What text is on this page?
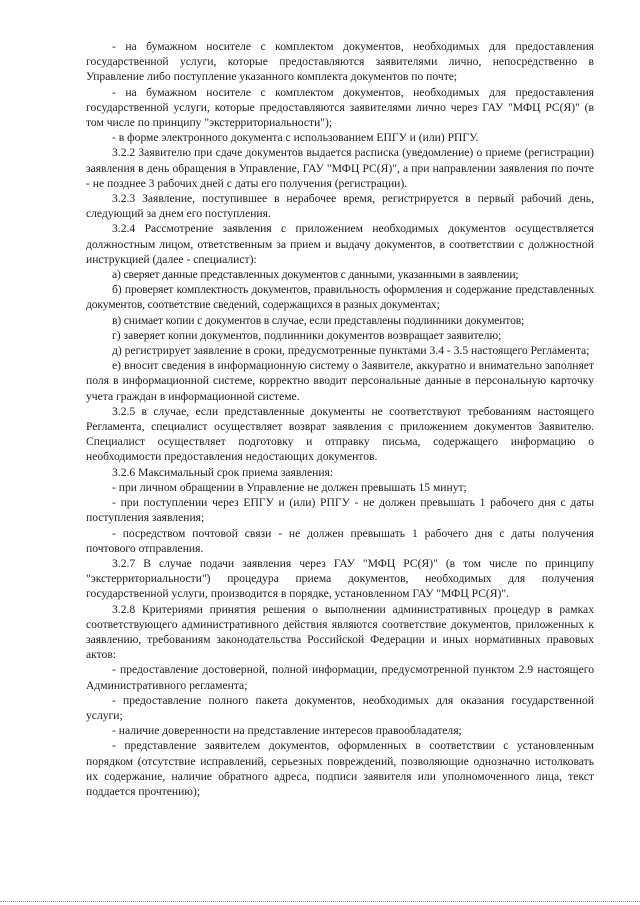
- на бумажном носителе с комплектом документов, необходимых для предоставления государственной услуги, которые предоставляются заявителями лично, непосредственно в Управление либо поступление указанного комплекта документов по почте;

- на бумажном носителе с комплектом документов, необходимых для предоставления государственной услуги, которые предоставляются заявителями лично через ГАУ "МФЦ РС(Я)" (в том числе по принципу "экстерриториальности");

- в форме электронного документа с использованием ЕПГУ и (или) РПГУ.

3.2.2 Заявителю при сдаче документов выдается расписка (уведомление) о приеме (регистрации) заявления в день обращения в Управление, ГАУ "МФЦ РС(Я)", а при направлении заявления по почте - не позднее 3 рабочих дней с даты его получения (регистрации).

3.2.3 Заявление, поступившее в нерабочее время, регистрируется в первый рабочий день, следующий за днем его поступления.

3.2.4 Рассмотрение заявления с приложением необходимых документов осуществляется должностным лицом, ответственным за прием и выдачу документов, в соответствии с должностной инструкцией (далее - специалист):

а) сверяет данные представленных документов с данными, указанными в заявлении;

б) проверяет комплектность документов, правильность оформления и содержание представленных документов, соответствие сведений, содержащихся в разных документах;

в) снимает копии с документов в случае, если представлены подлинники документов;

г) заверяет копии документов, подлинники документов возвращает заявителю;

д) регистрирует заявление в сроки, предусмотренные пунктами 3.4 - 3.5 настоящего Регламента;

е) вносит сведения в информационную систему о Заявителе, аккуратно и внимательно заполняет поля в информационной системе, корректно вводит персональные данные в персональную карточку учета граждан в информационной системе.

3.2.5 в случае, если представленные документы не соответствуют требованиям настоящего Регламента, специалист осуществляет возврат заявления с приложением документов Заявителю. Специалист осуществляет подготовку и отправку письма, содержащего информацию о необходимости предоставления недостающих документов.

3.2.6 Максимальный срок приема заявления:

- при личном обращении в Управление не должен превышать 15 минут;

- при поступлении через ЕПГУ и (или) РПГУ - не должен превышать 1 рабочего дня с даты поступления заявления;

- посредством почтовой связи - не должен превышать 1 рабочего дня с даты получения почтового отправления.

3.2.7 В случае подачи заявления через ГАУ "МФЦ РС(Я)" (в том числе по принципу "экстерриториальности") процедура приема документов, необходимых для получения государственной услуги, производится в порядке, установленном ГАУ "МФЦ РС(Я)".

3.2.8 Критериями принятия решения о выполнении административных процедур в рамках соответствующего административного действия являются соответствие документов, приложенных к заявлению, требованиям законодательства Российской Федерации и иных нормативных правовых актов:

- предоставление достоверной, полной информации, предусмотренной пунктом 2.9 настоящего Административного регламента;

- предоставление полного пакета документов, необходимых для оказания государственной услуги;

- наличие доверенности на представление интересов правообладателя;

- представление заявителем документов, оформленных в соответствии с установленным порядком (отсутствие исправлений, серьезных повреждений, позволяющие однозначно истолковать их содержание, наличие обратного адреса, подписи заявителя или уполномоченного лица, текст поддается прочтению);
